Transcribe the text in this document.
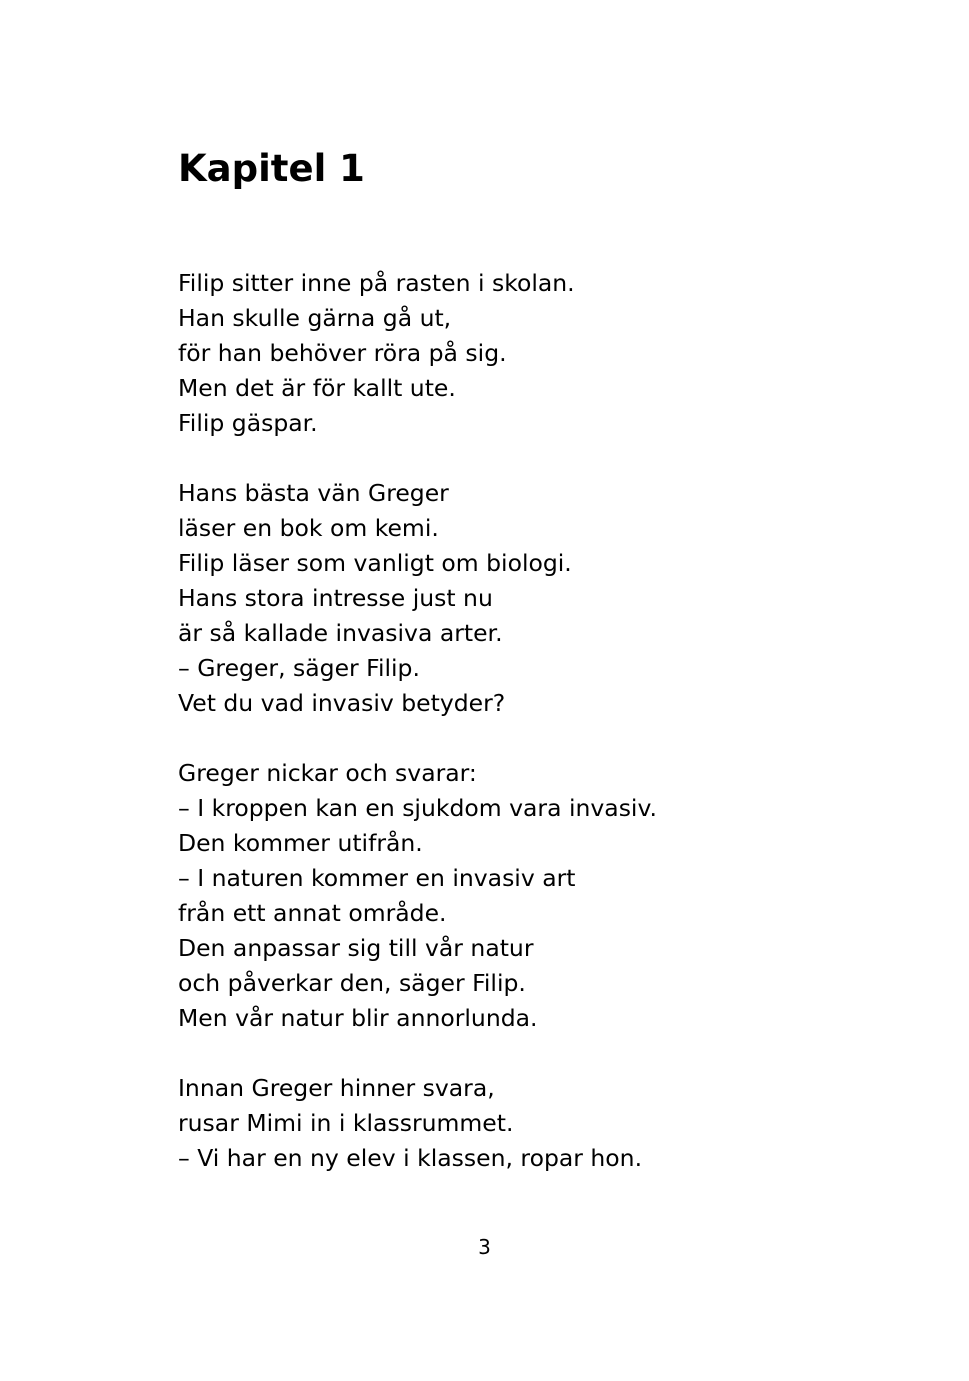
Kapitel 1
Filip sitter inne på rasten i skolan.
Han skulle gärna gå ut,
för han behöver röra på sig.
Men det är för kallt ute.
Filip gäspar.
Hans bästa vän Greger
läser en bok om kemi.
Filip läser som vanligt om biologi.
Hans stora intresse just nu
är så kallade invasiva arter.
– Greger, säger Filip.
Vet du vad invasiv betyder?
Greger nickar och svarar:
– I kroppen kan en sjukdom vara invasiv.
Den kommer utifrån.
– I naturen kommer en invasiv art
från ett annat område.
Den anpassar sig till vår natur
och påverkar den, säger Filip.
Men vår natur blir annorlunda.
Innan Greger hinner svara,
rusar Mimi in i klassrummet.
– Vi har en ny elev i klassen, ropar hon.
3
